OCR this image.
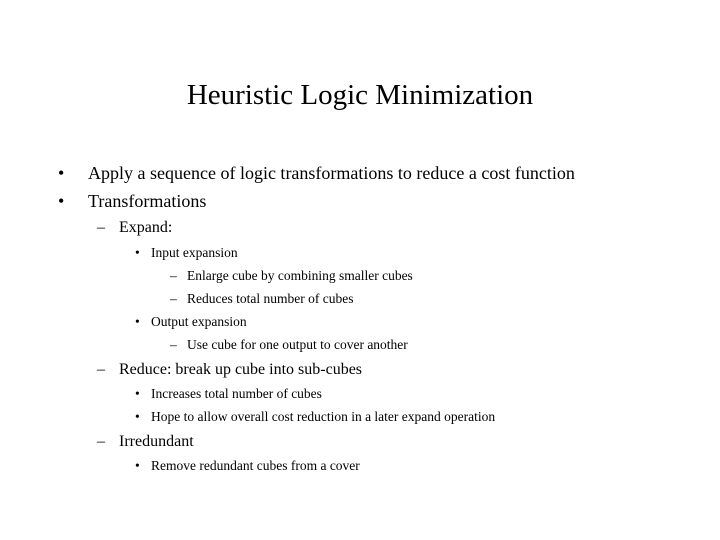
Heuristic Logic Minimization
• Apply a sequence of logic transformations to reduce a cost function
• Transformations
– Expand:
• Input expansion
– Enlarge cube by combining smaller cubes
– Reduces total number of cubes
• Output expansion
– Use cube for one output to cover another
– Reduce: break up cube into sub-cubes
• Increases total number of cubes
• Hope to allow overall cost reduction in a later expand operation
– Irredundant
• Remove redundant cubes from a cover
